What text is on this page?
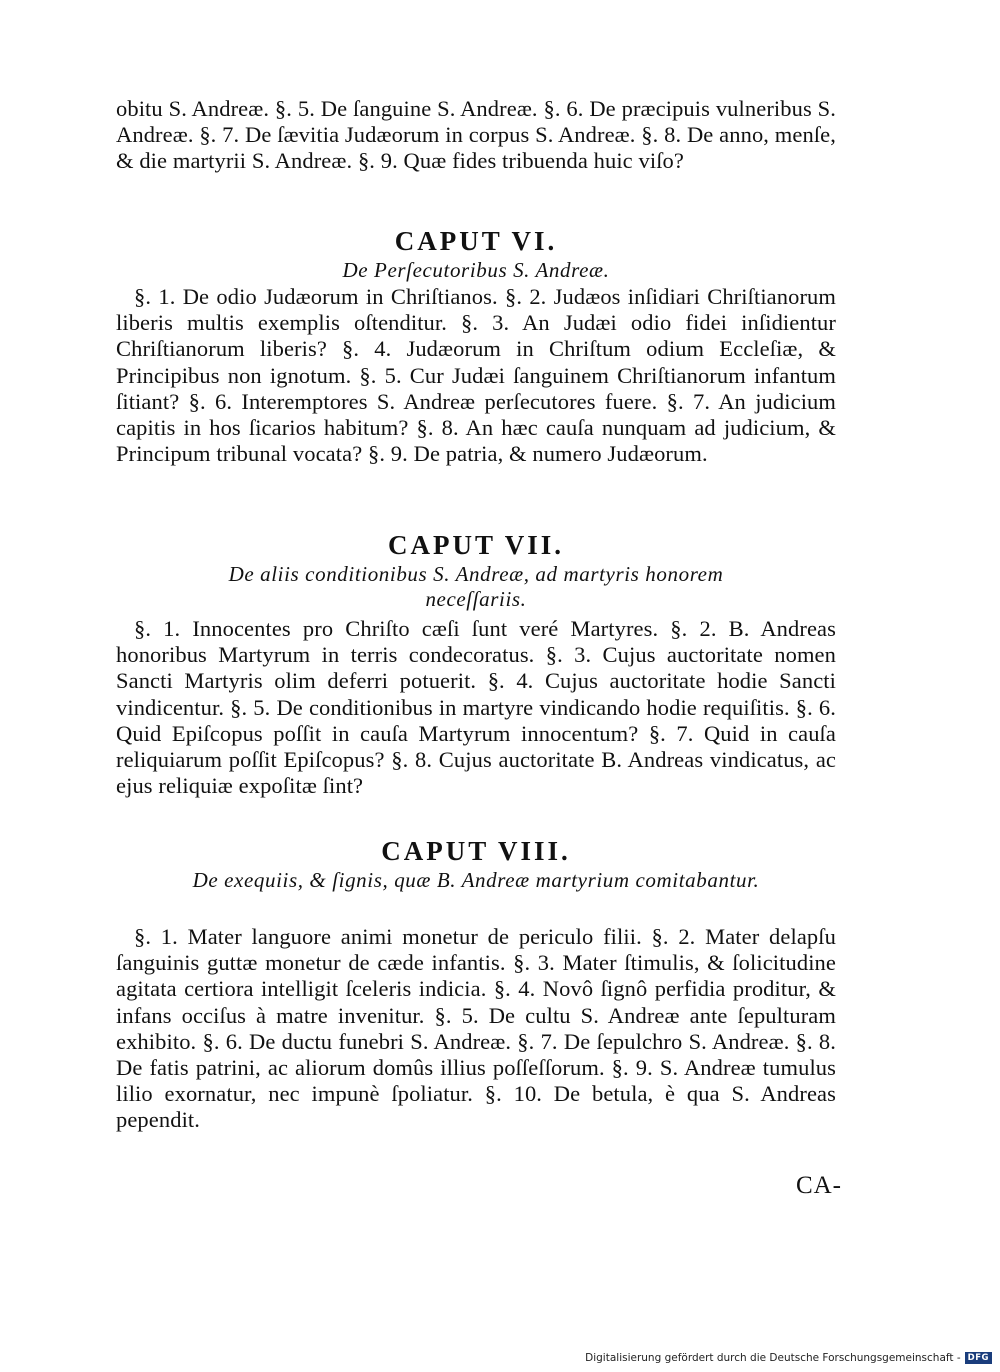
obitu S. Andreæ. §. 5. De ſanguine S. Andreæ. §. 6. De præcipuis vulneribus S. Andreæ. §. 7. De ſævitia Judæorum in corpus S. Andreæ. §. 8. De anno, menſe, & die martyrii S. Andreæ. §. 9. Quæ fides tribuenda huic viſo?

CAPUT VI.

De Perſecutoribus S. Andreæ.

§. 1. De odio Judæorum in Chriſtianos. §. 2. Judæos inſidiari Chriſtianorum liberis multis exemplis oſtenditur. §. 3. An Judæi odio fidei inſidientur Chriſtianorum liberis? §. 4. Judæorum in Chriſtum odium Eccleſiæ, & Principibus non ignotum. §. 5. Cur Judæi ſanguinem Chriſtianorum infantum ſitiant? §. 6. Interemptores S. Andreæ perſecutores fuere. §. 7. An judicium capitis in hos ſicarios habitum? §. 8. An hæc cauſa nunquam ad judicium, & Principum tribunal vocata? §. 9. De patria, & numero Judæorum.

CAPUT VII.

De aliis conditionibus S. Andreæ, ad martyris honorem neceſſariis.

§. 1. Innocentes pro Chriſto cæſi ſunt veré Martyres. §. 2. B. Andreas honoribus Martyrum in terris condecoratus. §. 3. Cujus auctoritate nomen Sancti Martyris olim deferri potuerit. §. 4. Cujus auctoritate hodie Sancti vindicentur. §. 5. De conditionibus in martyre vindicando hodie requiſitis. §. 6. Quid Epiſcopus poſſit in cauſa Martyrum innocentum? §. 7. Quid in cauſa reliquiarum poſſit Epiſcopus? §. 8. Cujus auctoritate B. Andreas vindicatus, ac ejus reliquiæ expoſitæ ſint?

CAPUT VIII.

De exequiis, & ſignis, quæ B. Andreæ martyrium comitabantur.

§. 1. Mater languore animi monetur de periculo filii. §. 2. Mater delapſu ſanguinis guttæ monetur de cæde infantis. §. 3. Mater ſtimulis, & ſolicitudine agitata certiora intelligit ſceleris indicia. §. 4. Novô ſignô perfidia proditur, & infans occiſus à matre invenitur. §. 5. De cultu S. Andreæ ante ſepulturam exhibito. §. 6. De ductu funebri S. Andreæ. §. 7. De ſepulchro S. Andreæ. §. 8. De fatis patrini, ac aliorum domûs illius poſſeſſorum. §. 9. S. Andreæ tumulus lilio exornatur, nec impunè ſpoliatur. §. 10. De betula, è qua S. Andreas pependit.

CA-
Digitalisierung gefördert durch die Deutsche Forschungsgemeinschaft - DFG
